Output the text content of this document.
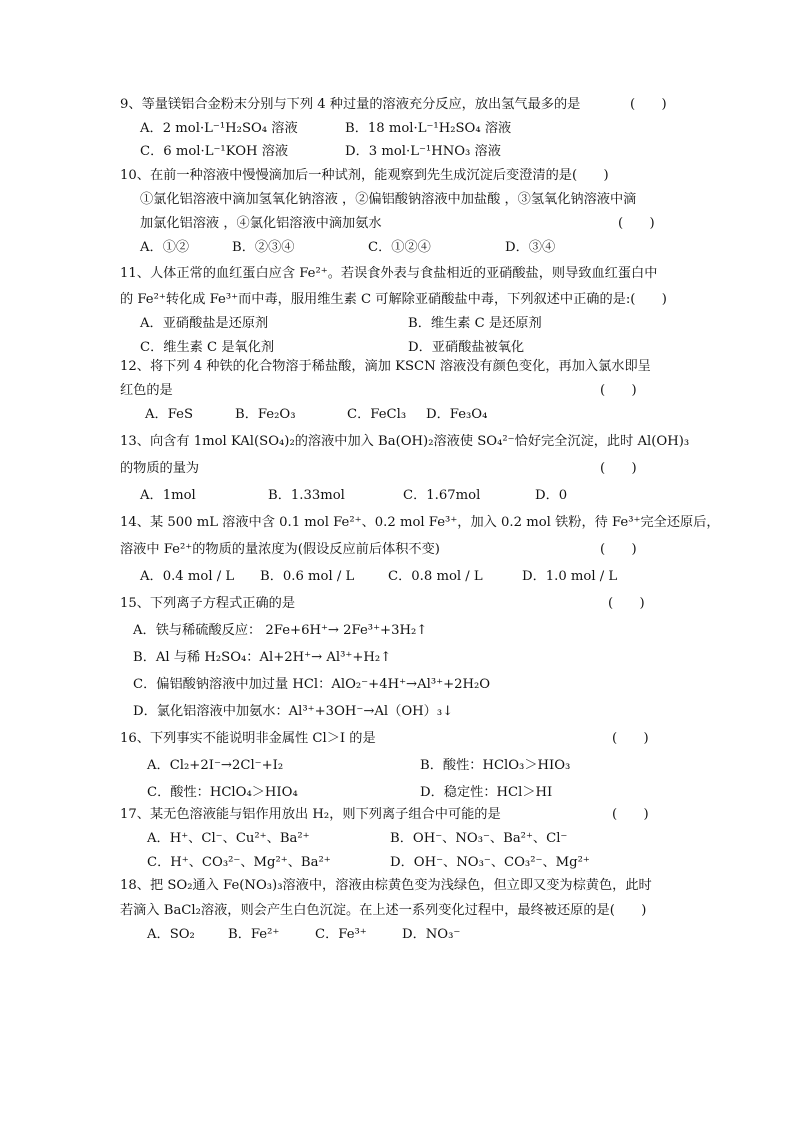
9、等量镁铝合金粉末分别与下列 4 种过量的溶液充分反应，放出氢气最多的是	(　　)
A．2 mol·L⁻¹H₂SO₄ 溶液	B．18 mol·L⁻¹H₂SO₄ 溶液
C．6 mol·L⁻¹KOH 溶液	D．3 mol·L⁻¹HNO₃ 溶液
10、在前一种溶液中慢慢滴加后一种试剂，能观察到先生成沉淀后变澄清的是(　　)
①氯化铝溶液中滴加氢氧化钠溶液 ，②偏铝酸钠溶液中加盐酸 ，③氢氧化钠溶液中滴
加氯化铝溶液 ，④氯化铝溶液中滴加氨水	(　　)
A．①②	B．②③④	C．①②④	D．③④
11、人体正常的血红蛋白应含 Fe²⁺。若误食外表与食盐相近的亚硝酸盐，则导致血红蛋白中
的 Fe²⁺转化成 Fe³⁺而中毒，服用维生素 C 可解除亚硝酸盐中毒，下列叙述中正确的是:(　　)
A．亚硝酸盐是还原剂	B．维生素 C 是还原剂
C．维生素 C 是氧化剂	D．亚硝酸盐被氧化
12、将下列 4 种铁的化合物溶于稀盐酸，滴加 KSCN 溶液没有颜色变化，再加入氯水即呈
红色的是	(　　)
A．FeS	B．Fe₂O₃	C．FeCl₃ D．Fe₃O₄
13、向含有 1mol KAl(SO₄)₂的溶液中加入 Ba(OH)₂溶液使 SO₄²⁻恰好完全沉淀，此时 Al(OH)₃
的物质的量为	(　　)
A．1mol	B．1.33mol	C．1.67mol	D．0
14、某 500 mL 溶液中含 0.1 mol Fe²⁺、0.2 mol Fe³⁺，加入 0.2 mol 铁粉，待 Fe³⁺完全还原后，
溶液中 Fe²⁺的物质的量浓度为(假设反应前后体积不变)	(　　)
A．0.4 mol / L B．0.6 mol / L	C．0.8 mol / L	D．1.0 mol / L
15、下列离子方程式正确的是	(　　)
A．铁与稀硫酸反应： 2Fe+6H⁺→ 2Fe³⁺+3H₂↑
B．Al 与稀 H₂SO₄：Al+2H⁺→ Al³⁺+H₂↑
C．偏铝酸钠溶液中加过量 HCl：AlO₂⁻+4H⁺→Al³⁺+2H₂O
D．氯化铝溶液中加氨水：Al³⁺+3OH⁻→Al（OH）₃↓
16、下列事实不能说明非金属性 Cl＞I 的是	(　　)
A．Cl₂+2I⁻→2Cl⁻+I₂	B．酸性：HClO₃＞HIO₃
C．酸性：HClO₄＞HIO₄	D．稳定性：HCl＞HI
17、某无色溶液能与铝作用放出 H₂，则下列离子组合中可能的是	(　　)
A．H⁺、Cl⁻、Cu²⁺、Ba²⁺	B．OH⁻、NO₃⁻、Ba²⁺、Cl⁻
C．H⁺、CO₃²⁻、Mg²⁺、Ba²⁺	D．OH⁻、NO₃⁻、CO₃²⁻、Mg²⁺
18、把 SO₂通入 Fe(NO₃)₃溶液中，溶液由棕黄色变为浅绿色，但立即又变为棕黄色，此时
若滴入 BaCl₂溶液，则会产生白色沉淀。在上述一系列变化过程中，最终被还原的是(　　)
A．SO₂	B．Fe²⁺	C．Fe³⁺	D．NO₃⁻
